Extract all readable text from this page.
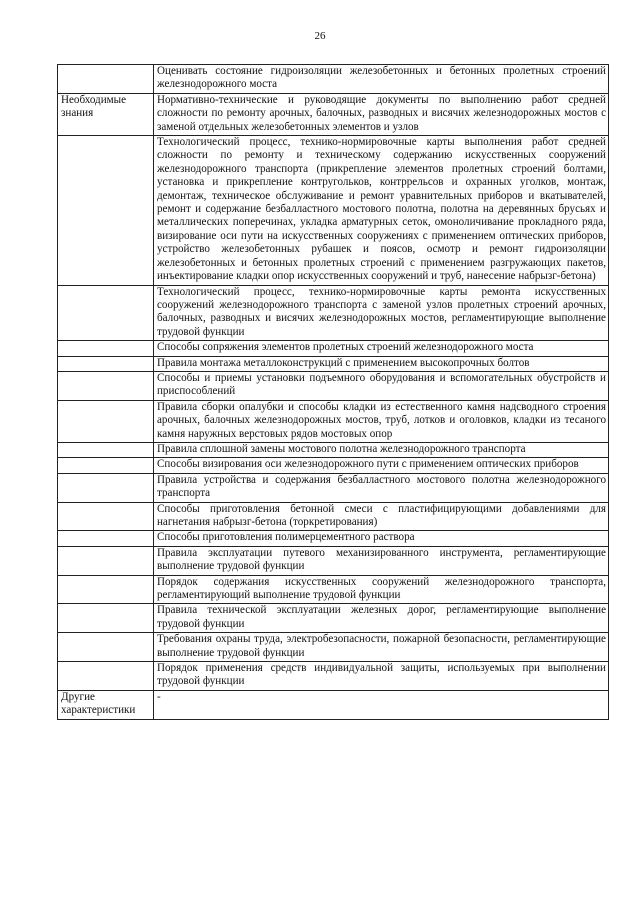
26
	Оценивать состояние гидроизоляции железобетонных и бетонных пролетных строений железнодорожного моста
Необходимые знания	Нормативно-технические и руководящие документы по выполнению работ средней сложности по ремонту арочных, балочных, разводных и висячих железнодорожных мостов с заменой отдельных железобетонных элементов и узлов
	Технологический процесс, технико-нормировочные карты выполнения работ средней сложности по ремонту и техническому содержанию искусственных сооружений железнодорожного транспорта (прикрепление элементов пролетных строений болтами, установка и прикрепление контругольков, контррельсов и охранных уголков, монтаж, демонтаж, техническое обслуживание и ремонт уравнительных приборов и вкатывателей, ремонт и содержание безбалластного мостового полотна, полотна на деревянных брусьях и металлических поперечинах, укладка арматурных сеток, омоноличивание прокладного ряда, визирование оси пути на искусственных сооружениях с применением оптических приборов, устройство железобетонных рубашек и поясов, осмотр и ремонт гидроизоляции железобетонных и бетонных пролетных строений с применением разгружающих пакетов, инъектирование кладки опор искусственных сооружений и труб, нанесение набрызг-бетона)
	Технологический процесс, технико-нормировочные карты ремонта искусственных сооружений железнодорожного транспорта с заменой узлов пролетных строений арочных, балочных, разводных и висячих железнодорожных мостов, регламентирующие выполнение трудовой функции
	Способы сопряжения элементов пролетных строений железнодорожного моста
	Правила монтажа металлоконструкций с применением высокопрочных болтов
	Способы и приемы установки подъемного оборудования и вспомогательных обустройств и приспособлений
	Правила сборки опалубки и способы кладки из естественного камня надсводного строения арочных, балочных железнодорожных мостов, труб, лотков и оголовков, кладки из тесаного камня наружных верстовых рядов мостовых опор
	Правила сплошной замены мостового полотна железнодорожного транспорта
	Способы визирования оси железнодорожного пути с применением оптических приборов
	Правила устройства и содержания безбалластного мостового полотна железнодорожного транспорта
	Способы приготовления бетонной смеси с пластифицирующими добавлениями для нагнетания набрызг-бетона (торкретирования)
	Способы приготовления полимерцементного раствора
	Правила эксплуатации путевого механизированного инструмента, регламентирующие выполнение трудовой функции
	Порядок содержания искусственных сооружений железнодорожного транспорта, регламентирующий выполнение трудовой функции
	Правила технической эксплуатации железных дорог, регламентирующие выполнение трудовой функции
	Требования охраны труда, электробезопасности, пожарной безопасности, регламентирующие выполнение трудовой функции
	Порядок применения средств индивидуальной защиты, используемых при выполнении трудовой функции
Другие характеристики	-
